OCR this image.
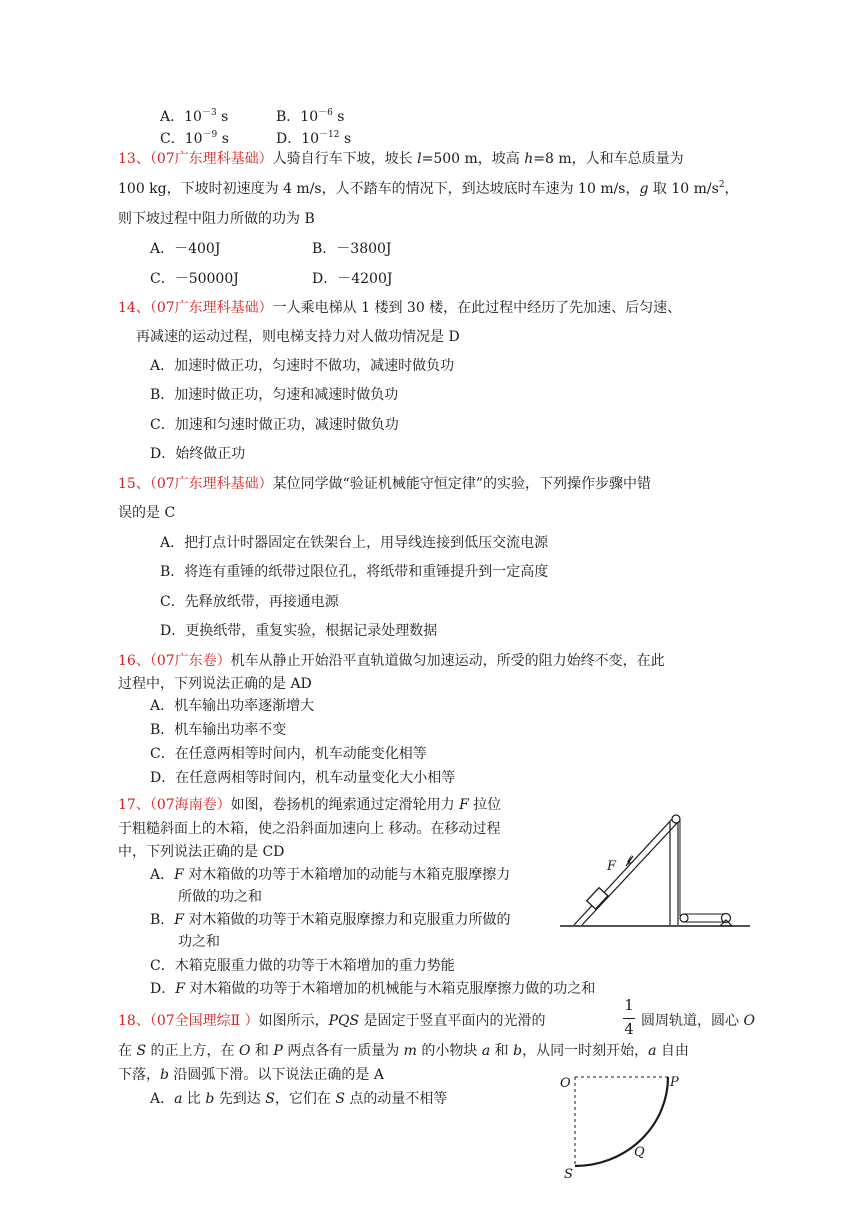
A．$10^{-3}$ s	B．$10^{-6}$ s
C．$10^{-9}$ s	D．$10^{-12}$ s
13、（07广东理科基础）人骑自行车下坡，坡长 l=500 m，坡高 h=8 m，人和车总质量为
100 kg，下坡时初速度为 4 m/s，人不踏车的情况下，到达坡底时车速为 10 m/s，g 取 10 $m/s^2$，
则下坡过程中阻力所做的功为 B
A．－400J	B．－3800J
C．－50000J	D．－4200J
14、（07广东理科基础）一人乘电梯从 1 楼到 30 楼，在此过程中经历了先加速、后匀速、
再减速的运动过程，则电梯支持力对人做功情况是 D
A．加速时做正功，匀速时不做功，减速时做负功
B．加速时做正功，匀速和减速时做负功
C．加速和匀速时做正功，减速时做负功
D．始终做正功
15、（07广东理科基础）某位同学做“验证机械能守恒定律”的实验，下列操作步骤中错
误的是 C
A．把打点计时器固定在铁架台上，用导线连接到低压交流电源
B．将连有重锤的纸带过限位孔，将纸带和重锤提升到一定高度
C．先释放纸带，再接通电源
D．更换纸带，重复实验，根据记录处理数据
16、（07广东卷）机车从静止开始沿平直轨道做匀加速运动，所受的阻力始终不变，在此
过程中，下列说法正确的是 AD
A．机车输出功率逐渐增大
B．机车输出功率不变
C．在任意两相等时间内，机车动能变化相等
D．在任意两相等时间内，机车动量变化大小相等
17、（07海南卷）如图，卷扬机的绳索通过定滑轮用力 F 拉位
于粗糙斜面上的木箱，使之沿斜面加速向上 移动。在移动过程
中，下列说法正确的是 CD
A．F 对木箱做的功等于木箱增加的动能与木箱克服摩擦力
所做的功之和
B．F 对木箱做的功等于木箱克服摩擦力和克服重力所做的
功之和
C．木箱克服重力做的功等于木箱增加的重力势能
D．F 对木箱做的功等于木箱增加的机械能与木箱克服摩擦力做的功之和
F
18、（07全国理综Ⅱ ）如图所示，PQS 是固定于竖直平面内的光滑的
1
4 圆周轨道，圆心 O
在 S 的正上方，在 O 和 P 两点各有一质量为 m 的小物块 a 和 b，从同一时刻开始，a 自由
下落，b 沿圆弧下滑。以下说法正确的是 A
A．a 比 b 先到达 S，它们在 S 点的动量不相等
O	P
Q
S
